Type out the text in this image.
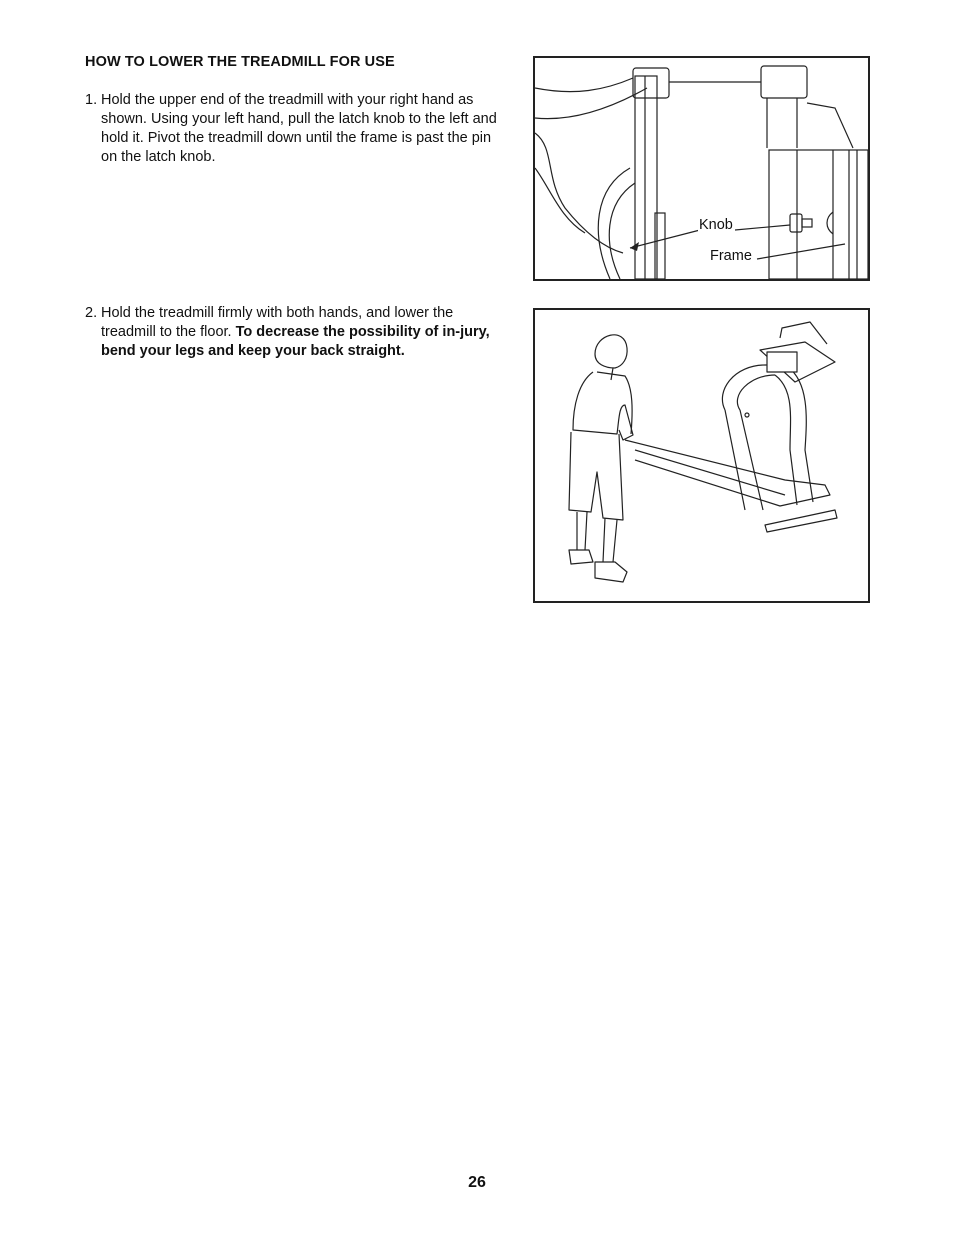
HOW TO LOWER THE TREADMILL FOR USE
1. Hold the upper end of the treadmill with your right hand as shown. Using your left hand, pull the latch knob to the left and hold it. Pivot the treadmill down until the frame is past the pin on the latch knob.
2. Hold the treadmill firmly with both hands, and lower the treadmill to the floor. To decrease the possibility of in-jury, bend your legs and keep your back straight.
Knob
Frame
26
